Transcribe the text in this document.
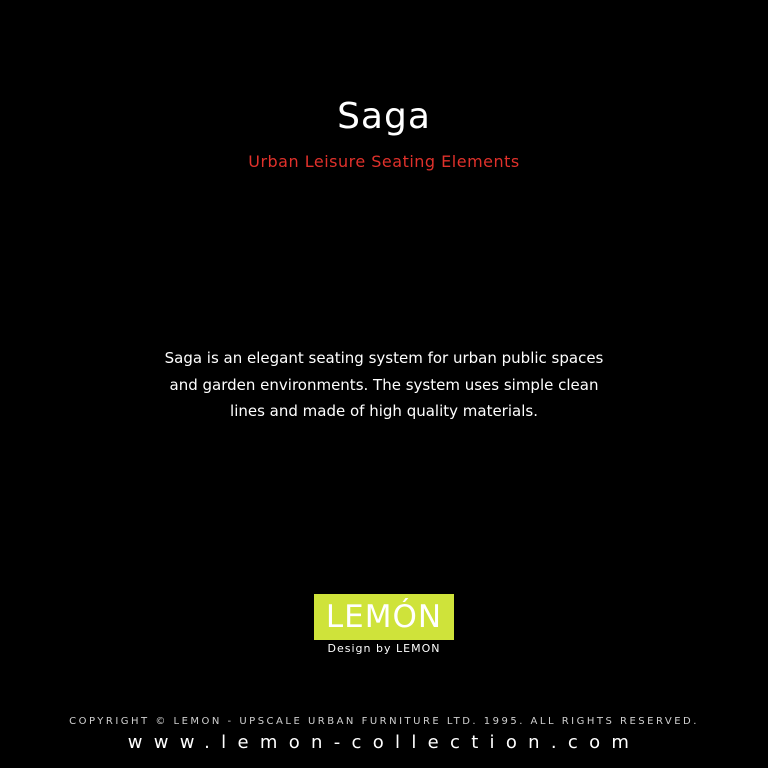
Saga
Urban Leisure Seating Elements
Saga is an elegant seating system for urban public spaces
and garden environments. The system uses simple clean
lines and made of high quality materials.
LEMÓN
Design by LEMON
COPYRIGHT © LEMON - UPSCALE URBAN FURNITURE LTD. 1995. ALL RIGHTS RESERVED.
www.lemon-collection.com
